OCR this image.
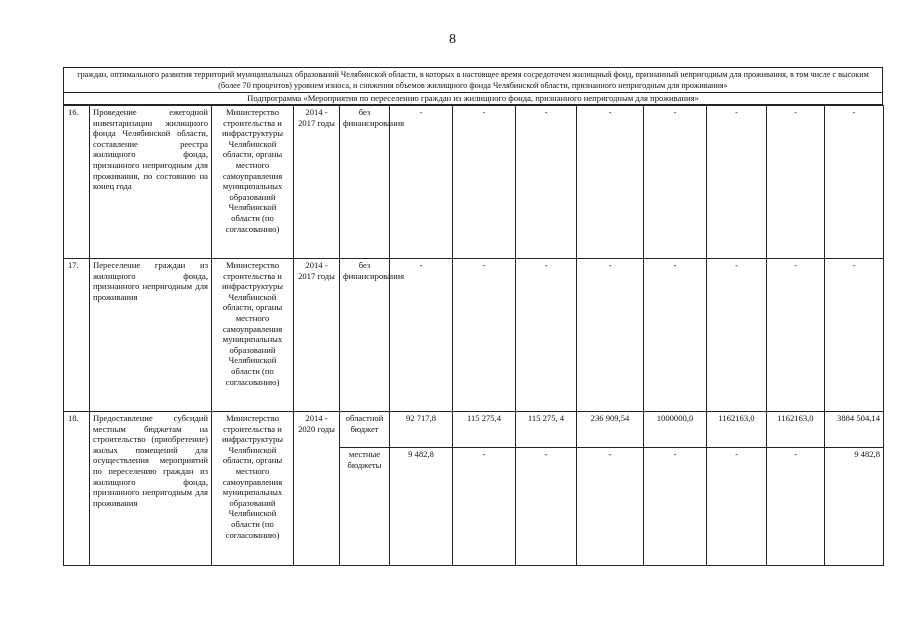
8
граждан, оптимального развития территорий муниципальных образований Челябинской области, в которых в настоящее время сосредоточен жилищный фонд, признанный непригодным для проживания, в том числе с высоким (более 70 процентов) уровнем износа, и снижения объемов жилищного фонда Челябинской области, признанного непригодным для проживания»
Подпрограмма «Мероприятия по переселению граждан из жилищного фонда, признанного непригодным для проживания»
16.	Проведение ежегодной инвентаризации жилищного фонда Челябинской области, составление реестра жилищного фонда, признанного непригодным для проживания, по состоянию на конец года	Министерство строительства и инфраструктуры Челябинской области, органы местного самоуправления муниципальных образований Челябинской области (по согласованию)	2014 - 2017 годы	без финансирования	-	-	-	-	-	-	-	-
17.	Переселение граждан из жилищного фонда, признанного непригодным для проживания	Министерство строительства и инфраструктуры Челябинской области, органы местного самоуправления муниципальных образований Челябинской области (по согласованию)	2014 - 2017 годы	без финансирования	-	-	-	-	-	-	-	-
18.	Предоставление субсидий местным бюджетам на строительство (приобретение) жилых помещений для осуществления мероприятий по переселению граждан из жилищного фонда, признанного непригодным для проживания	Министерство строительства и инфраструктуры Челябинской области, органы местного самоуправления муниципальных образований Челябинской области (по согласованию)	2014 - 2020 годы	областной бюджет	92 717,8	115 275,4	115 275, 4	236 909,54	1000000,0	1162163,0	1162163,0	3884 504,14

				местные бюджеты	9 482,8	-	-	-	-	-	-	9 482,8
